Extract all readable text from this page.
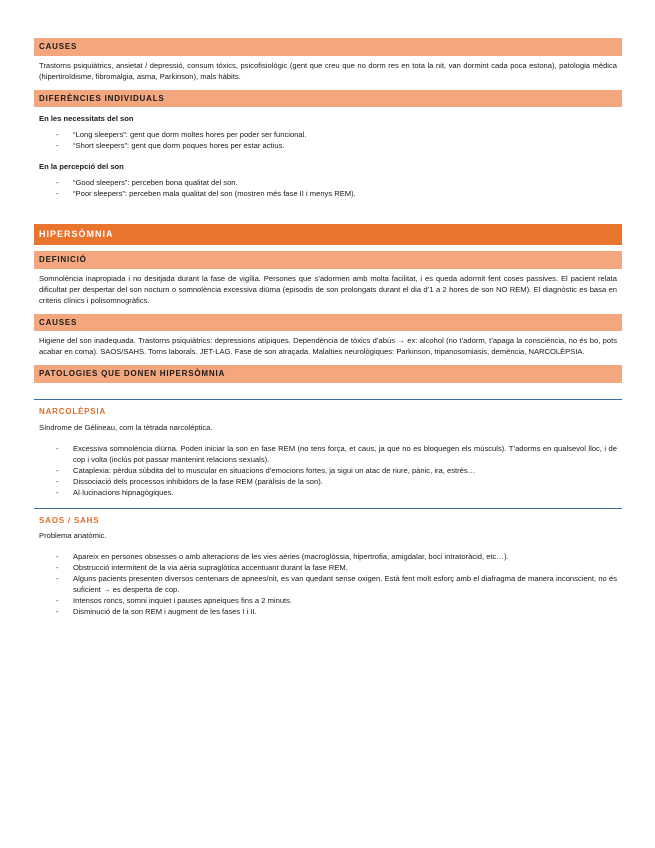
CAUSES

Trastorns psiquiàtrics, ansietat / depressió, consum tòxics, psicofisiològic (gent que creu que no dorm res en tota la nit, van dormint cada poca estona), patologia mèdica (hipertiroïdisme, fibromalgia, asma, Parkinson), mals hàbits.

DIFERÈNCIES INDIVIDUALS

En les necessitats del son

- “Long sleepers”: gent que dorm moltes hores per poder ser funcional.
- “Short sleepers”: gent que dorm poques hores per estar actius.

En la percepció del son

- “Good sleepers”: perceben bona qualitat del son.
- “Poor sleepers”: perceben mala qualitat del son (mostren més fase II i menys REM).
HIPERSÒMNIA
DEFINICIÓ

Somnolència inapropiada i no desitjada durant la fase de vigília. Persones que s’adormen amb molta facilitat, i es queda adormit fent coses passives. El pacient relata dificultat per despertar del son nocturn o somnolència excessiva diürna (episodis de son prolongats durant el dia d’1 a 2 hores de son NO REM). El diagnòstic es basa en criteris clínics i polisomnogràfics.

CAUSES

Higiene del son inadequada. Trastorns psiquiàtrics: depressions atípiques. Dependència de tòxics d’abús → ex: alcohol (no t’adorm, t’apaga la consciència, no és bo, pots acabar en coma). SAOS/SAHS. Torns laborals. JET-LAG. Fase de son atraçada. Malalties neurològiques: Parkinson, tripanosomiasis, demència, NARCOLÈPSIA.

PATOLOGIES QUE DONEN HIPERSÒMNIA

NARCOLÈPSIA

Síndrome de Gélineau, com la tètrada narcoléptica.

- Excessiva somnolència diürna. Poden iniciar la son en fase REM (no tens força, et caus, ja que no es bloquegen els músculs). T’adorms en qualsevol lloc, i de cop i volta (inclús pot passar mantenint relacions sexuals).
- Cataplexia: pèrdua súbdita del to muscular en situacions d’emocions fortes, ja sigui un atac de riure, pànic, ira, estrès…
- Dissociació dels processos inhibidors de la fase REM (paràlisis de la son).
- Al·lucinacions hipnagògiques.

SAOS / SAHS

Problema anatòmic.

- Apareix en persones obsesses o amb alteracions de les vies aèries (macroglòssia, hipertrofia, amigdalar, boci intratoràcid, etc…).
- Obstrucció intermitent de la via aèria supraglòtica accentuant durant la fase REM.
- Alguns pacients presenten diversos centenars de apnees/nit, es van quedant sense oxigen. Està fent molt esforç amb el diafragma de manera inconscient, no és suficient → es desperta de cop.
- Intensos roncs, somni inquiet i pauses apneiques fins a 2 minuts.
- Disminució de la son REM i augment de les fases I i II.
